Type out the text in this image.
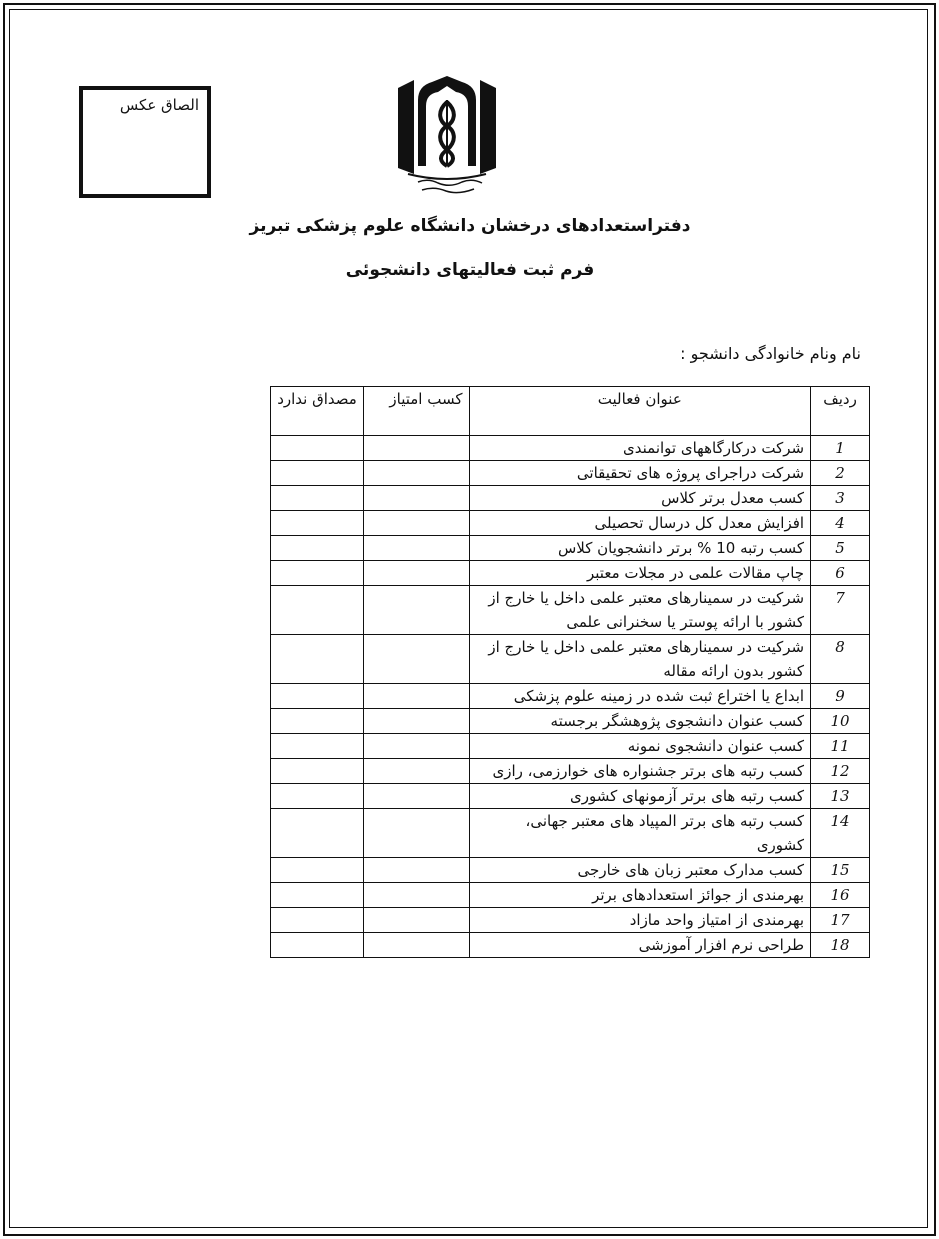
الصاق عکس
دفتراستعدادهای درخشان دانشگاه علوم پزشکی تبریز
فرم ثبت فعالیتهای دانشجوئی
نام ونام خانوادگی دانشجو :
ردیف	عنوان فعالیت	کسب امتیاز	مصداق ندارد
1	شرکت درکارگاههای توانمندی		
2	شرکت دراجرای پروژه های تحقیقاتی		
3	کسب معدل برتر کلاس		
4	افزایش معدل کل درسال تحصیلی		
5	کسب رتبه 10 % برتر دانشجویان کلاس		
6	چاپ مقالات علمی در مجلات معتبر		
7	شرکیت در سمینارهای معتبر علمی داخل یا خارج از کشور با ارائه پوستر یا سخنرانی علمی		
8	شرکیت در سمینارهای معتبر علمی داخل یا خارج از کشور بدون ارائه مقاله		
9	ابداع یا اختراع ثبت شده در زمینه علوم پزشکی		
10	کسب عنوان دانشجوی پژوهشگر برجسته		
11	کسب عنوان دانشجوی نمونه		
12	کسب رتبه های برتر جشنواره های خوارزمی، رازی		
13	کسب رتبه های برتر آزمونهای کشوری		
14	کسب رتبه های برتر المپیاد های معتبر جهانی، کشوری		
15	کسب مدارک معتبر زبان های خارجی		
16	بهرمندی از جوائز استعدادهای برتر		
17	بهرمندی از امتیاز واحد مازاد		
18	طراحی نرم افزار آموزشی		
